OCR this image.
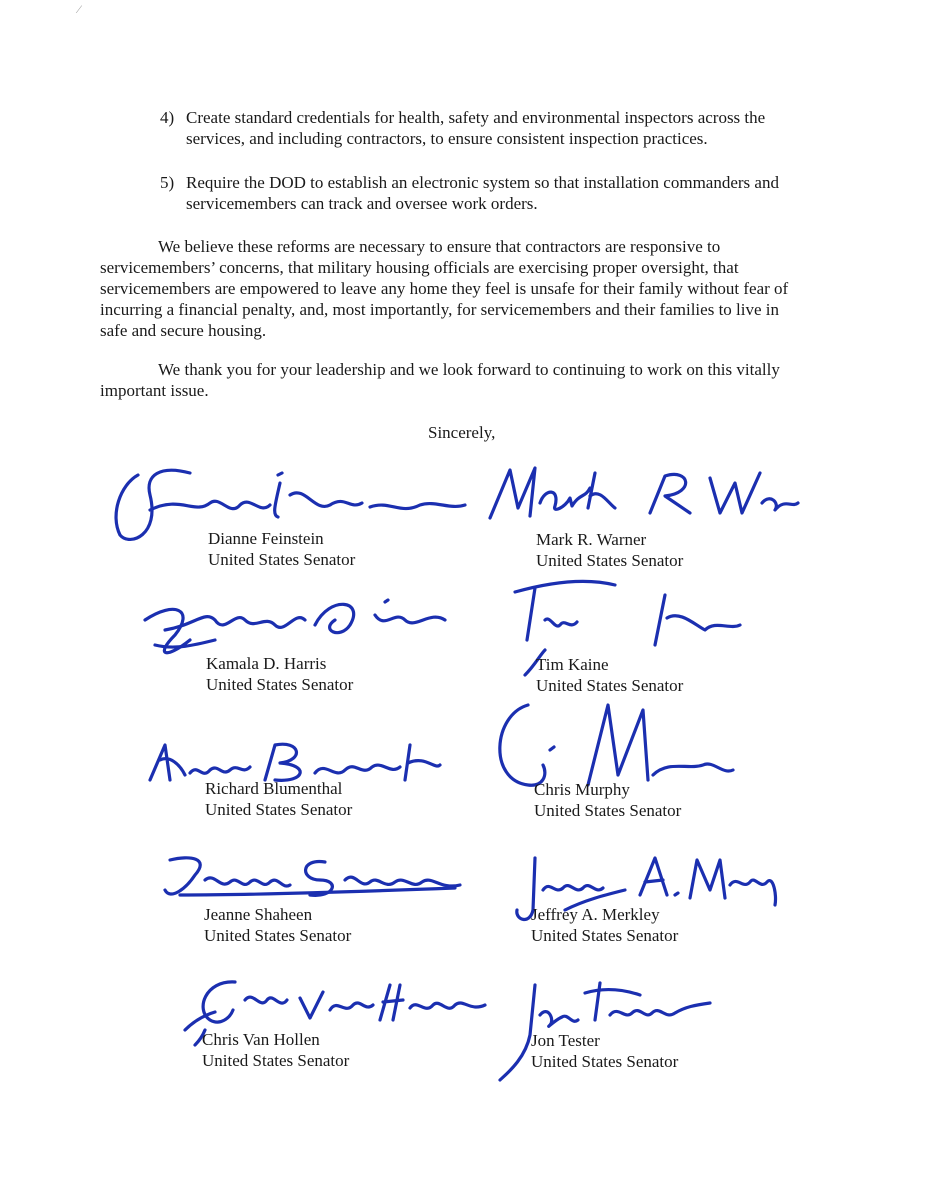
⁄
4) Create standard credentials for health, safety and environmental inspectors across the services, and including contractors, to ensure consistent inspection practices.
5) Require the DOD to establish an electronic system so that installation commanders and servicemembers can track and oversee work orders.
We believe these reforms are necessary to ensure that contractors are responsive to servicemembers’ concerns, that military housing officials are exercising proper oversight, that servicemembers are empowered to leave any home they feel is unsafe for their family without fear of incurring a financial penalty, and, most importantly, for servicemembers and their families to live in safe and secure housing.
We thank you for your leadership and we look forward to continuing to work on this vitally important issue.
Sincerely,
Dianne Feinstein
United States Senator
Mark R. Warner
United States Senator
Kamala D. Harris
United States Senator
Tim Kaine
United States Senator
Richard Blumenthal
United States Senator
Chris Murphy
United States Senator
Jeanne Shaheen
United States Senator
Jeffrey A. Merkley
United States Senator
Chris Van Hollen
United States Senator
Jon Tester
United States Senator
